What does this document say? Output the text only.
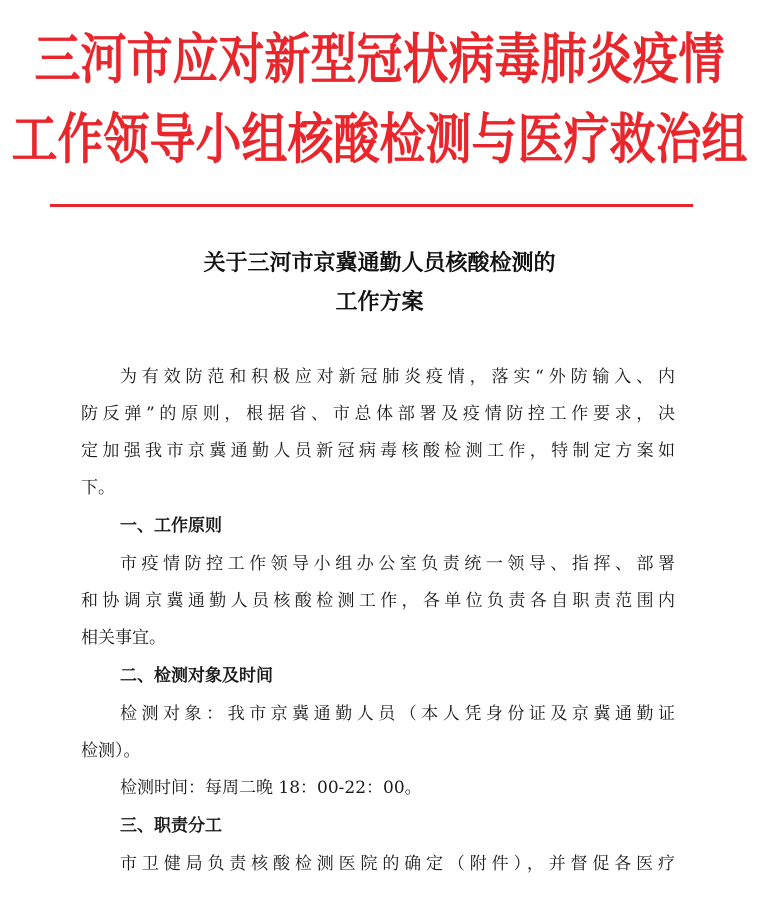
三河市应对新型冠状病毒肺炎疫情
工作领导小组核酸检测与医疗救治组
关于三河市京冀通勤人员核酸检测的
工作方案
为有效防范和积极应对新冠肺炎疫情，落实“外防输入、内
防反弹”的原则，根据省、市总体部署及疫情防控工作要求，决
定加强我市京冀通勤人员新冠病毒核酸检测工作，特制定方案如
下。
一、工作原则
市疫情防控工作领导小组办公室负责统一领导、指挥、部署
和协调京冀通勤人员核酸检测工作，各单位负责各自职责范围内
相关事宜。
二、检测对象及时间
检测对象：我市京冀通勤人员（本人凭身份证及京冀通勤证
检测）。
检测时间：每周二晚 18：00-22：00。
三、职责分工
市卫健局负责核酸检测医院的确定（附件），并督促各医疗
